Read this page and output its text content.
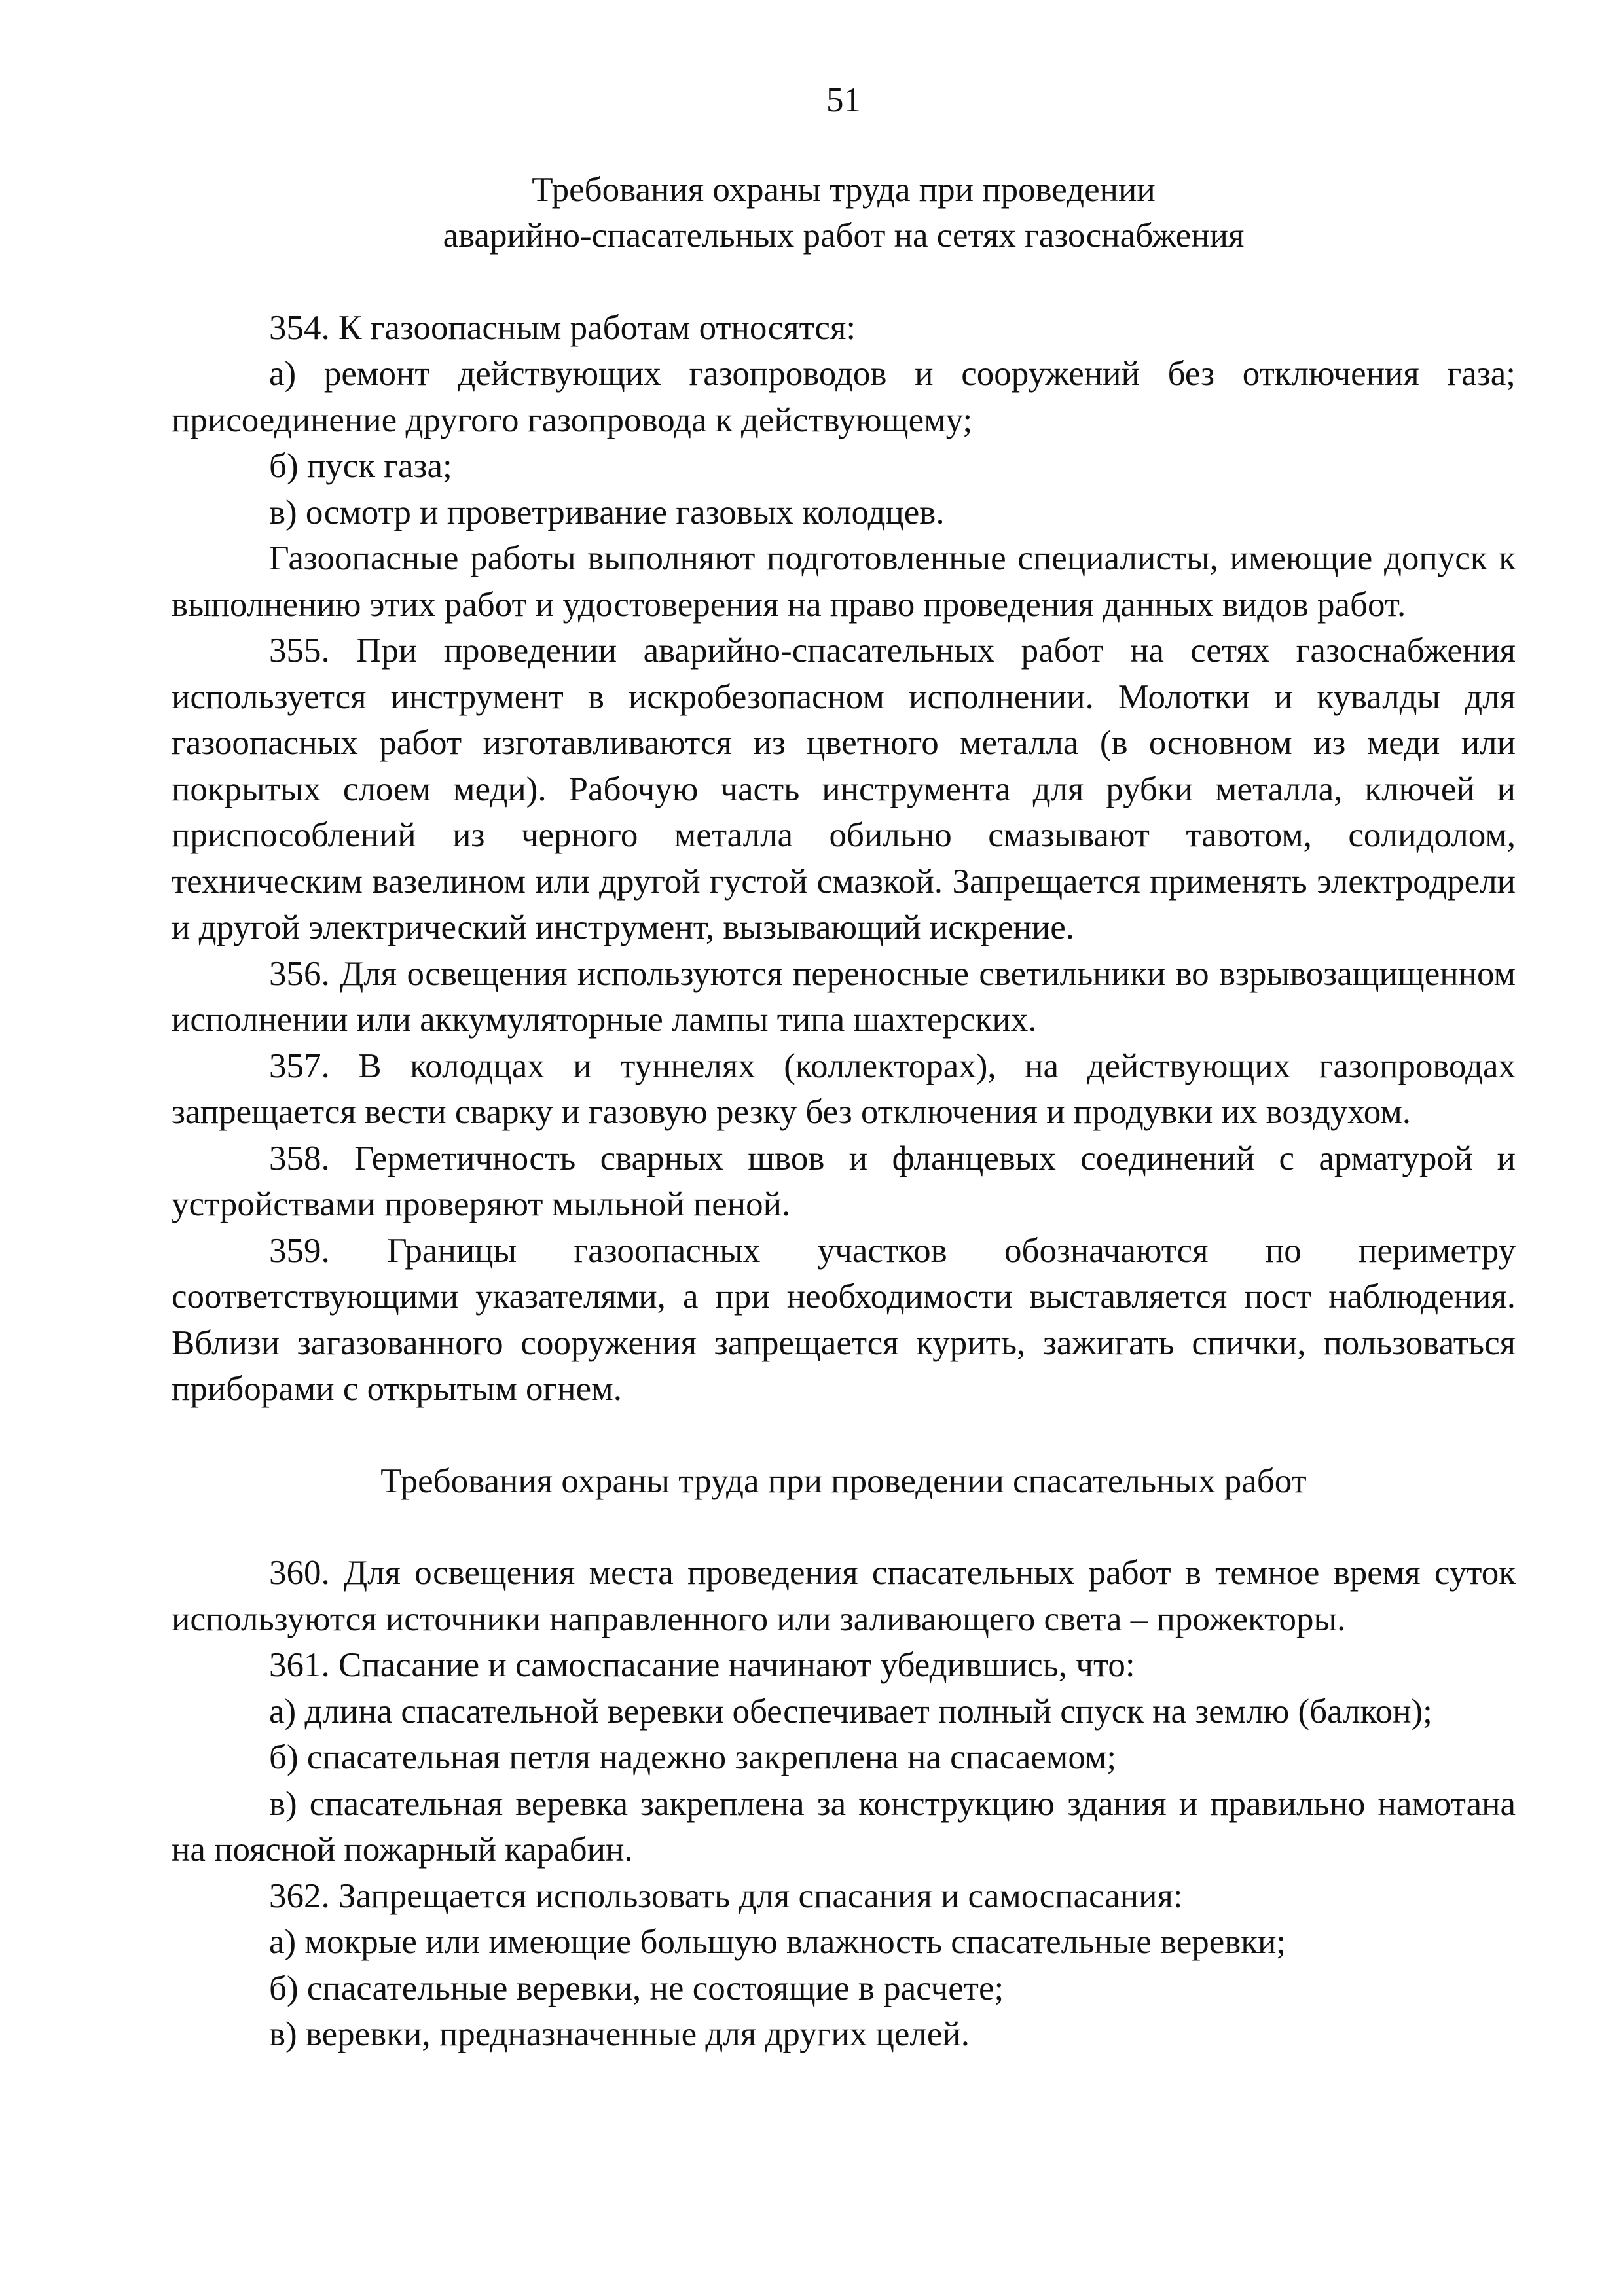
51

Требования охраны труда при проведении

аварийно-спасательных работ на сетях газоснабжения

354. К газоопасным работам относятся:

а) ремонт действующих газопроводов и сооружений без отключения газа; присоединение другого газопровода к действующему;

б) пуск газа;

в) осмотр и проветривание газовых колодцев.

Газоопасные работы выполняют подготовленные специалисты, имеющие допуск к выполнению этих работ и удостоверения на право проведения данных видов работ.

355. При проведении аварийно-спасательных работ на сетях газоснабжения используется инструмент в искробезопасном исполнении. Молотки и кувалды для газоопасных работ изготавливаются из цветного металла (в основном из меди или покрытых слоем меди). Рабочую часть инструмента для рубки металла, ключей и приспособлений из черного металла обильно смазывают тавотом, солидолом, техническим вазелином или другой густой смазкой. Запрещается применять электродрели и другой электрический инструмент, вызывающий искрение.

356. Для освещения используются переносные светильники во взрывозащищенном исполнении или аккумуляторные лампы типа шахтерских.

357. В колодцах и туннелях (коллекторах), на действующих газопроводах запрещается вести сварку и газовую резку без отключения и продувки их воздухом.

358. Герметичность сварных швов и фланцевых соединений с арматурой и устройствами проверяют мыльной пеной.

359. Границы газоопасных участков обозначаются по периметру соответствующими указателями, а при необходимости выставляется пост наблюдения. Вблизи загазованного сооружения запрещается курить, зажигать спички, пользоваться приборами с открытым огнем.

Требования охраны труда при проведении спасательных работ

360. Для освещения места проведения спасательных работ в темное время суток используются источники направленного или заливающего света – прожекторы.

361. Спасание и самоспасание начинают убедившись, что:

а) длина спасательной веревки обеспечивает полный спуск на землю (балкон);

б) спасательная петля надежно закреплена на спасаемом;

в) спасательная веревка закреплена за конструкцию здания и правильно намотана на поясной пожарный карабин.

362. Запрещается использовать для спасания и самоспасания:

а) мокрые или имеющие большую влажность спасательные веревки;

б) спасательные веревки, не состоящие в расчете;

в) веревки, предназначенные для других целей.
